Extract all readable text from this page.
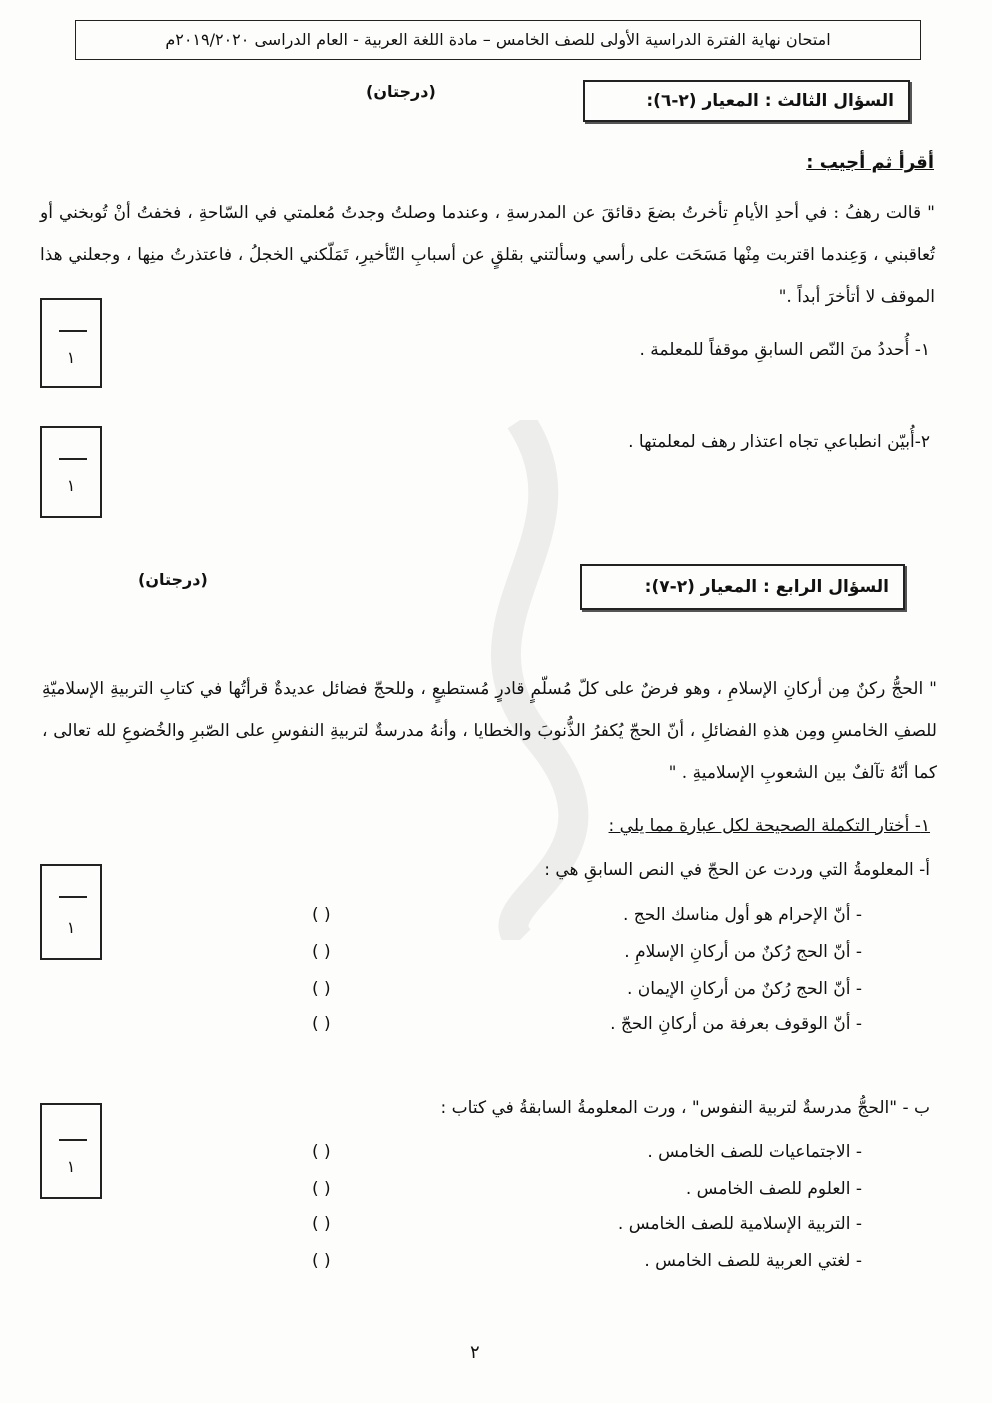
امتحان نهاية الفترة الدراسية الأولى للصف الخامس – مادة اللغة العربية - العام الدراسى ٢٠١٩/٢٠٢٠م
السؤال الثالث : المعيار (٢-٦):
(درجتان)
أقرأ ثم أجيب :
" قالت رهفُ : في أحدِ الأيامِ تأخرتُ بضعَ دقائقَ عن المدرسةِ ، وعندما وصلتُ وجدتُ مُعلمتي في السّاحةِ ، فخفتُ أنْ تُوبخني أو تُعاقبني ، وَعِندما اقتربت مِنْها مَسَحَت على رأسي وسألتني بقلقٍ عن أسبابِ التّأخيرِ، تَمَلّكني الخجلُ ، فاعتذرتُ منِها ، وجعلني هذا الموقف لا أتأخرَ أبداً ."
١- أُحددُ منَ النّص السابقِ موقفاً للمعلمة .
١
٢-أُبيّن انطباعي تجاه اعتذار رهف لمعلمتها .
١
السؤال الرابع : المعيار (٢-٧):
(درجتان)
" الحجُّ ركنٌ مِن أركانِ الإسلامِ ، وهو فرضٌ على كلّ مُسلّمٍ قادرٍ مُستطيعٍ ، وللحجّ فضائل عديدةٌ قرأتُها في كتابِ التربيةِ الإسلاميّةِ للصفِ الخامسِ ومِن هذهِ الفضائلِ ، أنّ الحجّ يُكفرُ الذُّنوبَ والخطايا ، وأنهُ مدرسةٌ لتربيةِ النفوسِ على الصّبرِ والخُضوعِ لله تعالى ، كما أنّهُ تآلفٌ بين الشعوبِ الإسلاميةِ . "
١- أختار التكملة الصحيحة لكل عبارة مما يلي :
أ- المعلومةُ التي وردت عن الحجّ في النص السابقِ هي :
١
- أنّ الإحرام هو أول مناسك الحج .
( )
- أنّ الحج رُكنٌ من أركانِ الإسلامِ .
( )
- أنّ الحج رُكنٌ من أركانِ الإيمان .
( )
- أنّ الوقوف بعرفة من أركانِ الحجّ .
( )
ب - "الحجُّ مدرسةٌ لتربية النفوس" ، ورت المعلومةُ السابقةُ في كتاب :
١
- الاجتماعيات للصف الخامس .
( )
- العلوم للصف الخامس .
( )
- التربية الإسلامية للصف الخامس .
( )
- لغتي العربية للصف الخامس .
( )
٢
